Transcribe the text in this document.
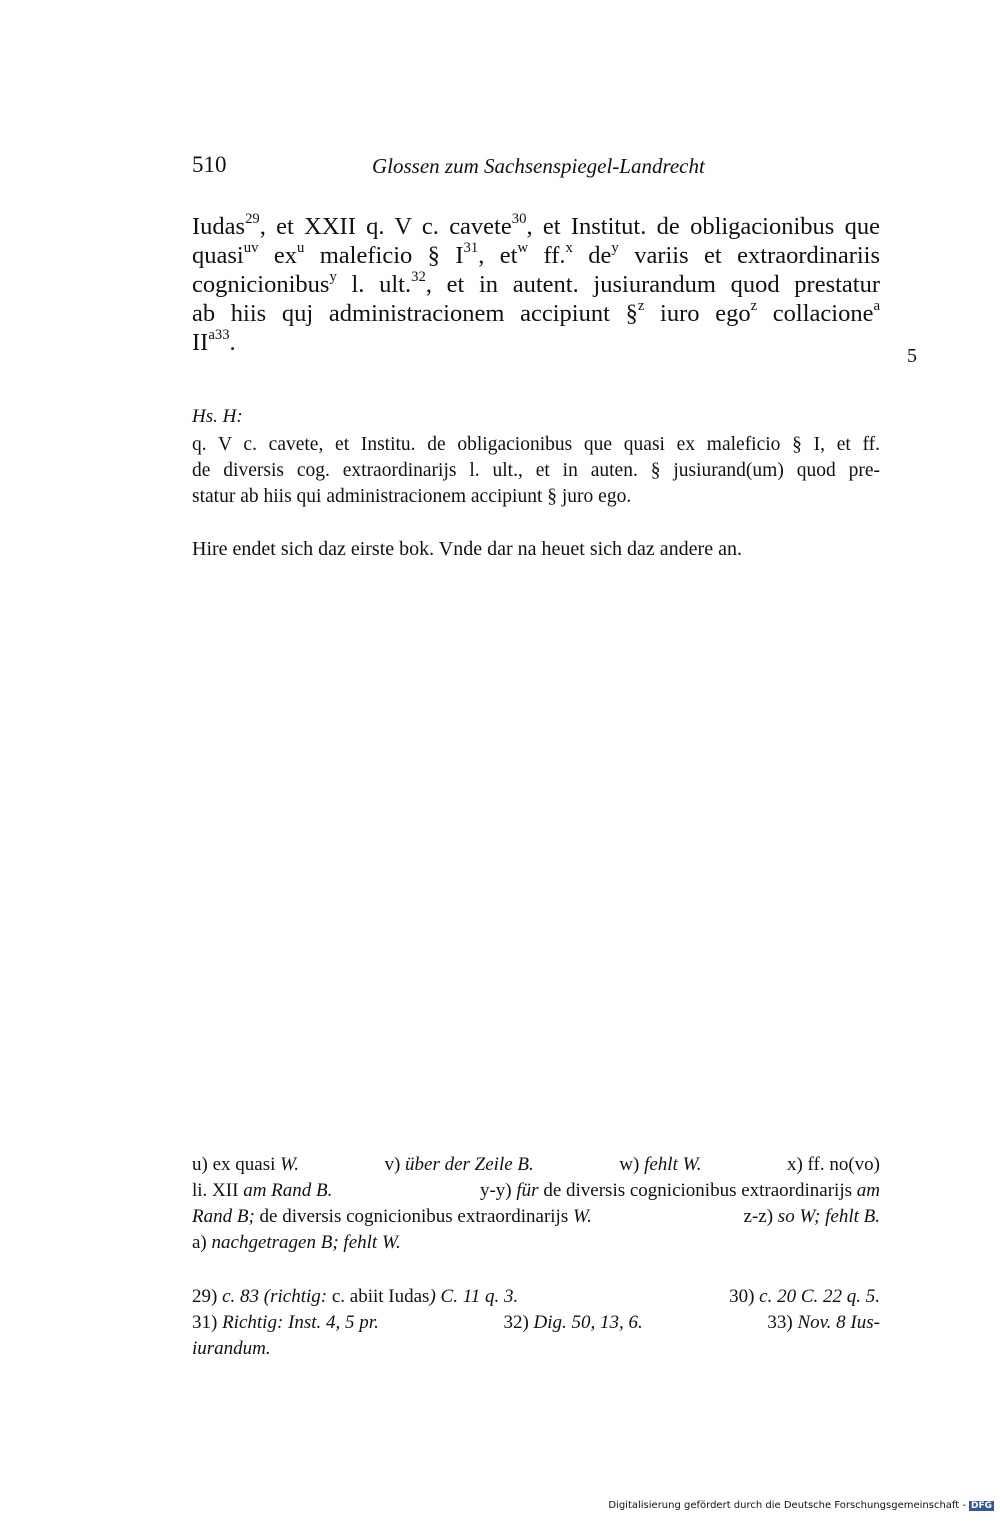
510	Glossen zum Sachsenspiegel-Landrecht
Iudas$^{29}$, et XXII q. V c. cavete$^{30}$, et Institut. de obligacionibus que
quasi$^{uv}$ $ex^u$ maleficio § $I^{31}$, $et^w$ ff.$^x$ $de^y$ variis et extraordinariis
cognicionibus$^y$ l. ult.$^{32}$, et in autent. jusiurandum quod prestatur
ab hiis quj administracionem accipiunt §$^z$ iuro ego$^z$ collacione$^a$
$II^{a33}$.	5
Hs. H:
q. V c. cavete, et Institu. de obligacionibus que quasi ex maleficio § I, et ff.
de diversis cog. extraordinarijs l. ult., et in auten. § jusiurand(um) quod pre-
statur ab hiis qui administracionem accipiunt § juro ego.
Hire endet sich daz eirste bok. Vnde dar na heuet sich daz andere an.
u) ex quasi W.	v) über der Zeile B.	w) fehlt W.	x) ff. no(vo)
li. XII am Rand B.	y-y) für de diversis cognicionibus extraordinarijs am
Rand B; de diversis cognicionibus extraordinarijs W.	z-z) so W; fehlt B.
a) nachgetragen B; fehlt W.
29) c. 83 (richtig: c. abiit Iudas) C. 11 q. 3.	30) c. 20 C. 22 q. 5.
31) Richtig: Inst. 4, 5 pr.	32) Dig. 50, 13, 6.	33) Nov. 8 Ius-
iurandum.
Digitalisierung gefördert durch die Deutsche Forschungsgemeinschaft - DFG
